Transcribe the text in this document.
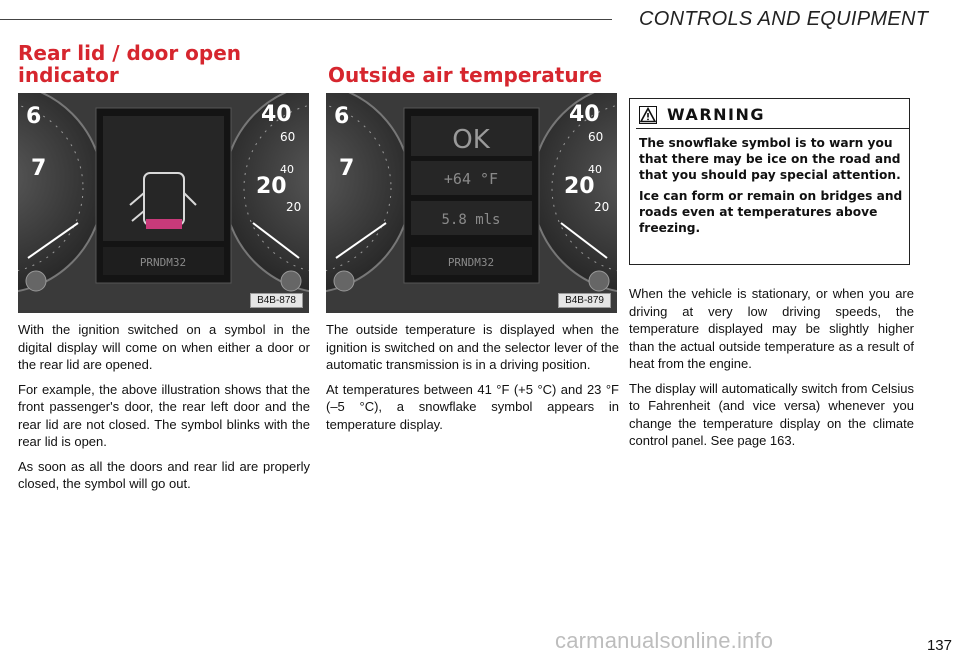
CONTROLS AND EQUIPMENT
Rear lid / door open indicator	Outside air temperature
PRNDM32
6
7
40
60
40
20
20
B4B-878
OK
+64 °F
5.8 mls
PRNDM32
6
7
40
60
40
20
20
B4B-879

With the ignition switched on a symbol in the digital display will come on when either a door or the rear lid are opened.

For example, the above illustration shows that the front passenger's door, the rear left door and the rear lid are not closed. The symbol blinks with the rear lid is open.

As soon as all the doors and rear lid are properly closed, the symbol will go out.

The outside temperature is displayed when the ignition is switched on and the selector lever of the automatic transmission is in a driving position.

At temperatures between 41 °F (+5 °C) and 23 °F (–5 °C), a snowflake symbol appears in temperature display.

WARNING

The snowflake symbol is to warn you that there may be ice on the road and that you should pay special attention.

Ice can form or remain on bridges and roads even at temperatures above freezing.

When the vehicle is stationary, or when you are driving at very low driving speeds, the temperature displayed may be slightly higher than the actual outside temperature as a result of heat from the engine.

The display will automatically switch from Celsius to Fahrenheit (and vice versa) whenever you change the temperature display on the climate control panel. See page 163.

carmanualsonline.info	137
